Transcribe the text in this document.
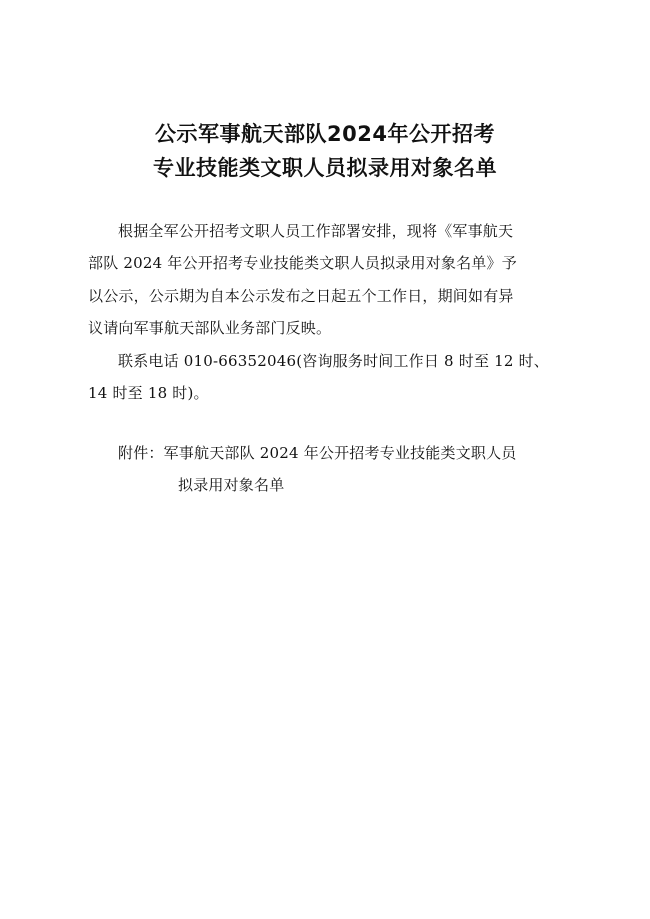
公示军事航天部队2024年公开招考
专业技能类文职人员拟录用对象名单
根据全军公开招考文职人员工作部署安排，现将《军事航天
部队 2024 年公开招考专业技能类文职人员拟录用对象名单》予
以公示，公示期为自本公示发布之日起五个工作日，期间如有异
议请向军事航天部队业务部门反映。
联系电话 010-66352046(咨询服务时间工作日 8 时至 12 时、
14 时至 18 时)。
附件：军事航天部队 2024 年公开招考专业技能类文职人员
拟录用对象名单
